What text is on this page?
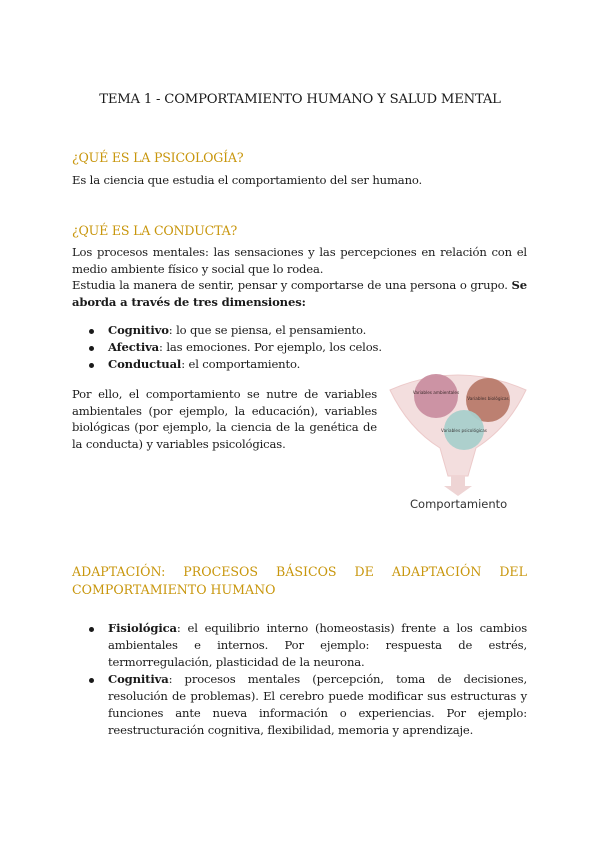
TEMA 1 - COMPORTAMIENTO HUMANO Y SALUD MENTAL
¿QUÉ ES LA PSICOLOGÍA?
Es la ciencia que estudia el comportamiento del ser humano.
¿QUÉ ES LA CONDUCTA?
Los procesos mentales: las sensaciones y las percepciones en relación con el medio ambiente físico y social que lo rodea.
Estudia la manera de sentir, pensar y comportarse de una persona o grupo. Se aborda a través de tres dimensiones:
Cognitivo: lo que se piensa, el pensamiento.
Afectiva: las emociones. Por ejemplo, los celos.
Conductual: el comportamiento.
Por ello, el comportamiento se nutre de variables ambientales (por ejemplo, la educación), variables biológicas (por ejemplo, la ciencia de la genética de la conducta) y variables psicológicas.
Variables ambientales
Variables biológicas
Variables psicológicas
Comportamiento
ADAPTACIÓN: PROCESOS BÁSICOS DE ADAPTACIÓN DEL
COMPORTAMIENTO HUMANO
Fisiológica: el equilibrio interno (homeostasis) frente a los cambios ambientales e internos. Por ejemplo: respuesta de estrés, termorregulación, plasticidad de la neurona.
Cognitiva: procesos mentales (percepción, toma de decisiones, resolución de problemas). El cerebro puede modificar sus estructuras y funciones ante nueva información o experiencias. Por ejemplo: reestructuración cognitiva, flexibilidad, memoria y aprendizaje.
